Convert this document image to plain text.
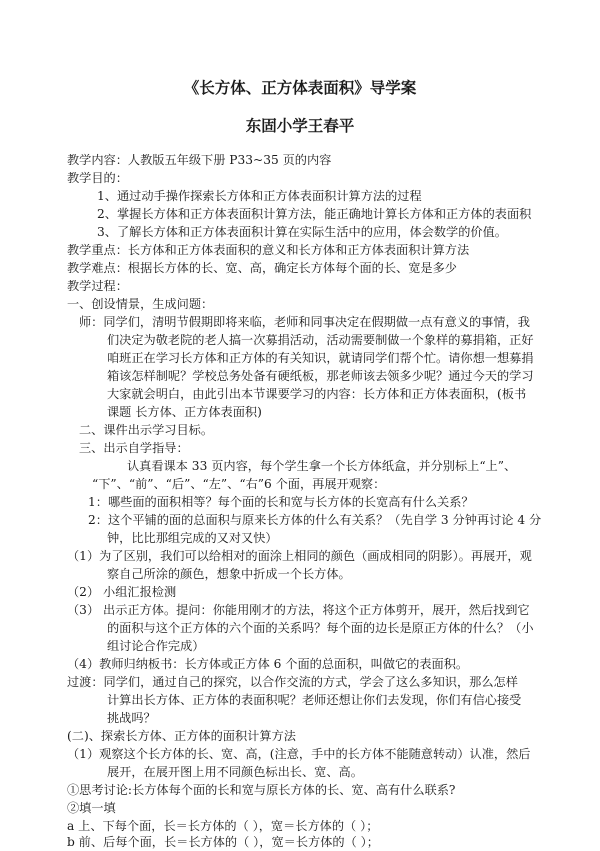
《长方体、正方体表面积》导学案
东固小学王春平
教学内容：人教版五年级下册 P33~35 页的内容
教学目的：
1、通过动手操作探索长方体和正方体表面积计算方法的过程
2、掌握长方体和正方体表面积计算方法，能正确地计算长方体和正方体的表面积
3、了解长方体和正方体表面积计算在实际生活中的应用，体会数学的价值。
教学重点：长方体和正方体表面积的意义和长方体和正方体表面积计算方法
教学难点：根据长方体的长、宽、高，确定长方体每个面的长、宽是多少
教学过程：
一、创设情景，生成问题：
师：同学们，清明节假期即将来临，老师和同事决定在假期做一点有意义的事情，我
们决定为敬老院的老人搞一次募捐活动，活动需要制做一个象样的募捐箱，正好
咱班正在学习长方体和正方体的有关知识，就请同学们帮个忙。请你想一想募捐
箱该怎样制呢？学校总务处备有硬纸板，那老师该去领多少呢？通过今天的学习
大家就会明白，由此引出本节课要学习的内容：长方体和正方体表面积，(板书
课题 长方体、正方体表面积)
二、课件出示学习目标。
三、出示自学指导：
认真看课本 33 页内容，每个学生拿一个长方体纸盒，并分别标上“上”、
“下”、“前”、“后”、“左”、“右”6 个面，再展开观察：
1：哪些面的面积相等？每个面的长和宽与长方体的长宽高有什么关系？
2：这个平铺的面的总面积与原来长方体的什么有关系？（先自学 3 分钟再讨论 4 分
钟，比比那组完成的又对又快）
（1）为了区别，我们可以给相对的面涂上相同的颜色（画成相同的阴影）。再展开，观
察自己所涂的颜色，想象中折成一个长方体。
（2） 小组汇报检测
（3） 出示正方体。提问：你能用刚才的方法，将这个正方体剪开，展开，然后找到它
的面积与这个正方体的六个面的关系吗？每个面的边长是原正方体的什么？（小
组讨论合作完成）
（4）教师归纳板书：长方体或正方体 6 个面的总面积，叫做它的表面积。
过渡：同学们，通过自己的探究，以合作交流的方式，学会了这么多知识，那么怎样
计算出长方体、正方体的表面积呢？老师还想让你们去发现，你们有信心接受
挑战吗？
(二)、探索长方体、正方体的面积计算方法
（1）观察这个长方体的长、宽、高，(注意，手中的长方体不能随意转动）认准，然后
展开，在展开图上用不同颜色标出长、宽、高。
①思考讨论:长方体每个面的长和宽与原长方体的长、宽、高有什么联系?
②填一填
a 上、下每个面，长＝长方体的（ ），宽＝长方体的（ ）；
b 前、后每个面，长＝长方体的（ ），宽＝长方体的（ ）；
